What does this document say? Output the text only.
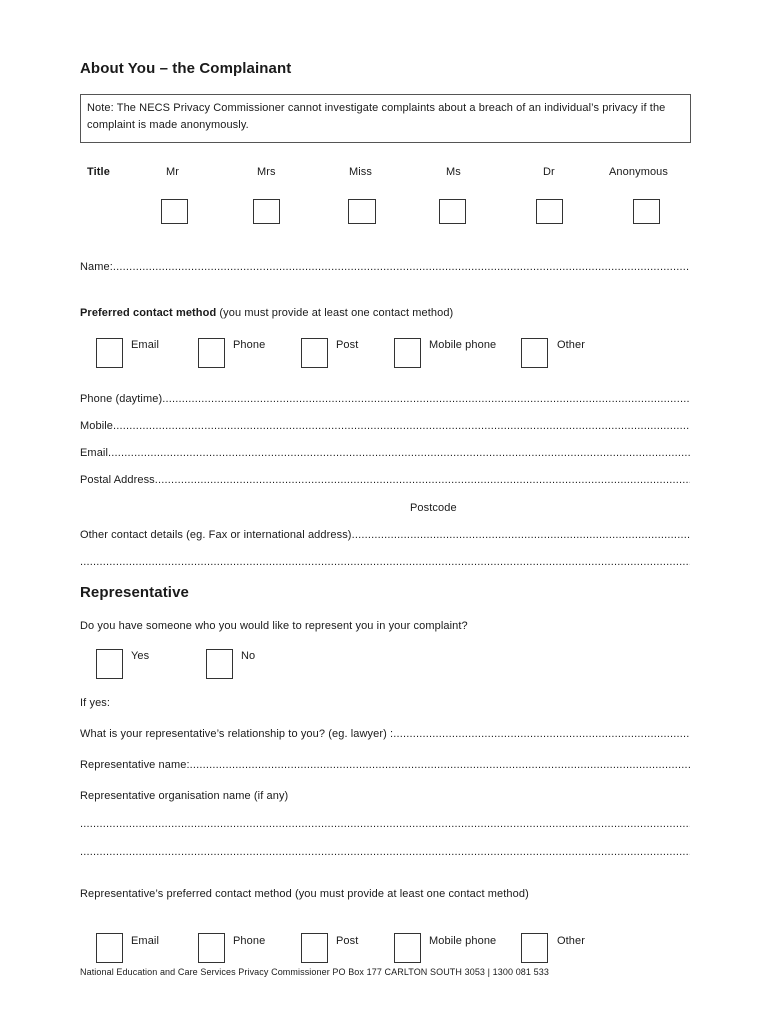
About You – the Complainant
Note: The NECS Privacy Commissioner cannot investigate complaints about a breach of an individual’s privacy if the complaint is made anonymously.
Title	Mr	Mrs	Miss	Ms	Dr	Anonymous
Name:
.....
Preferred contact method (you must provide at least one contact method)
Email	Phone	Post	Mobile phone	Other
Phone (daytime)
.....
Mobile
.....
Email
.....
Postal Address
.....
Postcode
Other contact details (eg. Fax or international address)
.....
.....
Representative
Do you have someone who you would like to represent you in your complaint?
Yes	No
If yes:
What is your representative’s relationship to you? (eg. lawyer) :
.....
Representative name:
.....
Representative organisation name (if any)
.....
.....
Representative’s preferred contact method (you must provide at least one contact method)
Email	Phone	Post	Mobile phone	Other
National Education and Care Services Privacy Commissioner PO Box 177 CARLTON SOUTH 3053 | 1300 081 533
